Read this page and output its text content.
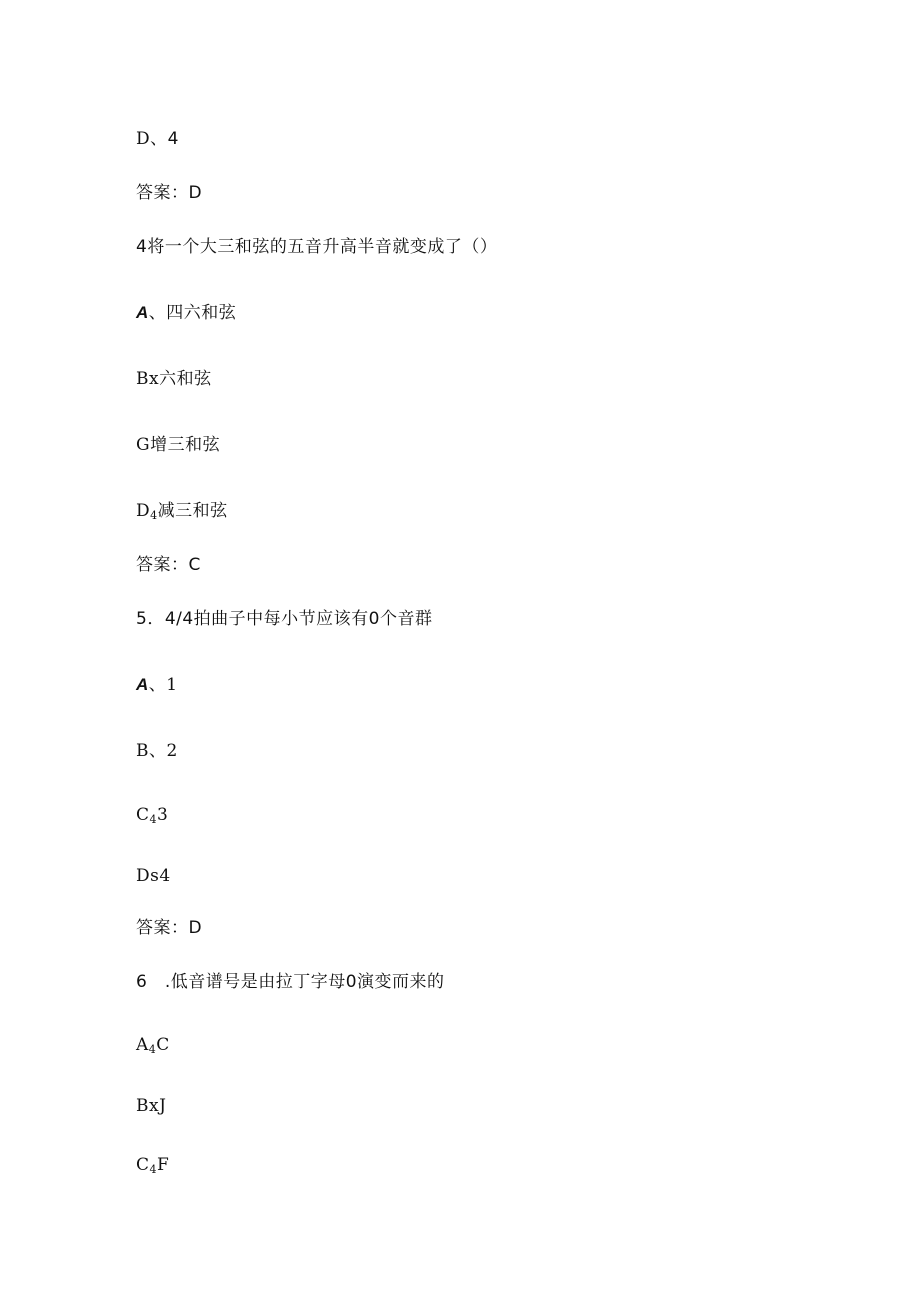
D、4
答案：D
4将一个大三和弦的五音升高半音就变成了（）
A、四六和弦
Bx六和弦
G增三和弦
$D_4$减三和弦
答案：C
5．4/4拍曲子中每小节应该有0个音群
A、1
B、2
$C_43$
Ds4
答案：D
6　.低音谱号是由拉丁字母0演变而来的
$A_4C$
BxJ
$C_4F$
